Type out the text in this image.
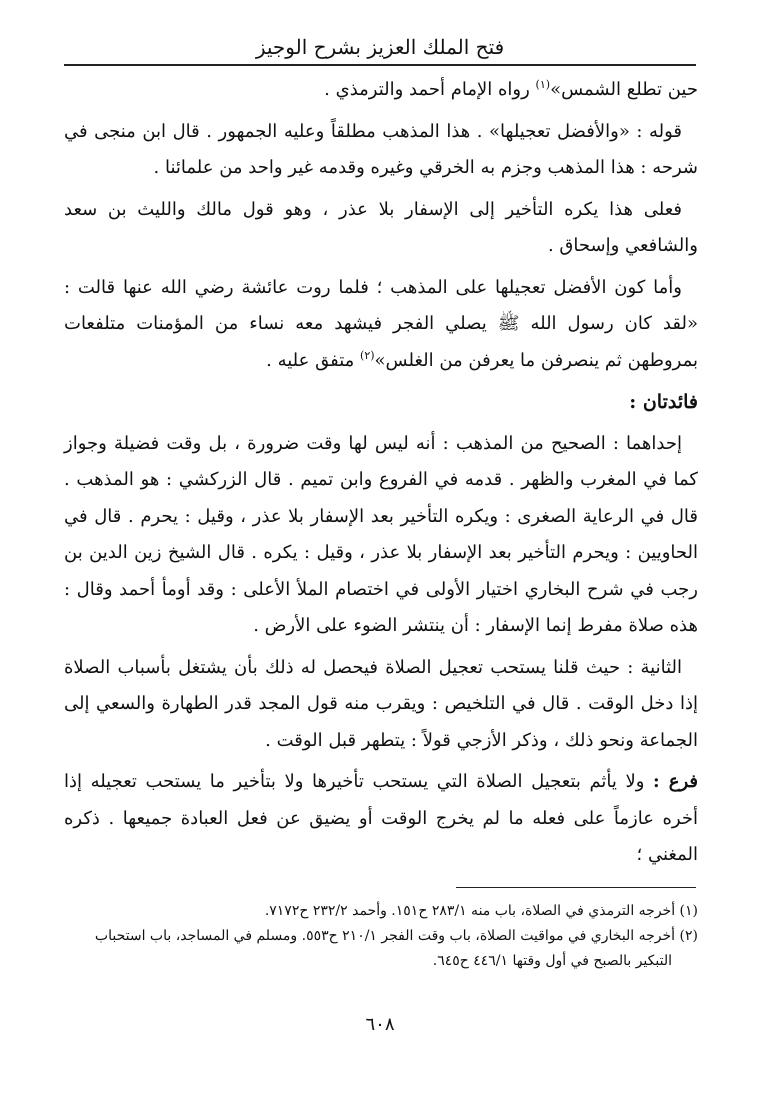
فتح الملك العزيز بشرح الوجيز

حين تطلع الشمس»$^{(١)}$ رواه الإمام أحمد والترمذي .

قوله : «والأفضل تعجيلها» . هذا المذهب مطلقاً وعليه الجمهور . قال ابن منجى في شرحه : هذا المذهب وجزم به الخرقي وغيره وقدمه غير واحد من علمائنا .

فعلى هذا يكره التأخير إلى الإسفار بلا عذر ، وهو قول مالك والليث بن سعد والشافعي وإسحاق .

وأما كون الأفضل تعجيلها على المذهب ؛ فلما روت عائشة رضي الله عنها قالت : «لقد كان رسول الله ﷺ يصلي الفجر فيشهد معه نساء من المؤمنات متلفعات بمروطهن ثم ينصرفن ما يعرفن من الغلس»$^{(٢)}$ متفق عليه .

فائدتان :

إحداهما : الصحيح من المذهب : أنه ليس لها وقت ضرورة ، بل وقت فضيلة وجواز كما في المغرب والظهر . قدمه في الفروع وابن تميم . قال الزركشي : هو المذهب . قال في الرعاية الصغرى : ويكره التأخير بعد الإسفار بلا عذر ، وقيل : يحرم . قال في الحاويين : ويحرم التأخير بعد الإسفار بلا عذر ، وقيل : يكره . قال الشيخ زين الدين بن رجب في شرح البخاري اختيار الأولى في اختصام الملأ الأعلى : وقد أومأ أحمد وقال : هذه صلاة مفرط إنما الإسفار : أن ينتشر الضوء على الأرض .

الثانية : حيث قلنا يستحب تعجيل الصلاة فيحصل له ذلك بأن يشتغل بأسباب الصلاة إذا دخل الوقت . قال في التلخيص : ويقرب منه قول المجد قدر الطهارة والسعي إلى الجماعة ونحو ذلك ، وذكر الأزجي قولاً : يتطهر قبل الوقت .

فرع : ولا يأثم بتعجيل الصلاة التي يستحب تأخيرها ولا بتأخير ما يستحب تعجيله إذا أخره عازماً على فعله ما لم يخرج الوقت أو يضيق عن فعل العبادة جميعها . ذكره المغني ؛

(١) أخرجه الترمذي في الصلاة، باب منه ٢٨٣/١ ح١٥١. وأحمد ٢٣٢/٢ ح٧١٧٢.

(٢) أخرجه البخاري في مواقيت الصلاة، باب وقت الفجر ٢١٠/١ ح٥٥٣. ومسلم في المساجد، باب استحباب

التبكير بالصبح في أول وقتها ٤٤٦/١ ح٦٤٥.

٦٠٨
